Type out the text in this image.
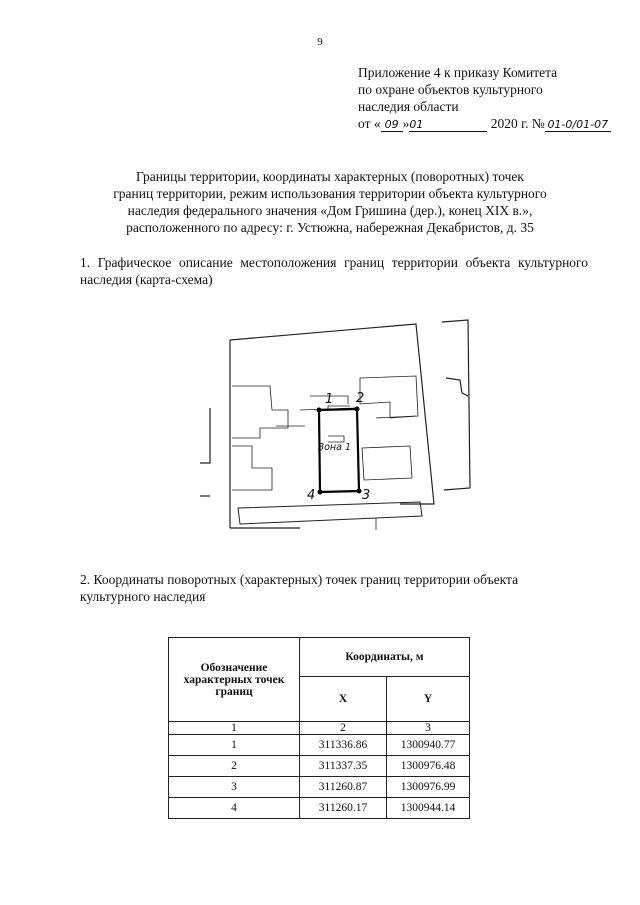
9
Приложение 4 к приказу Комитета
по охране объектов культурного
наследия области
от « 09 »01	2020 г. № 01-0/01-07
Границы территории, координаты характерных (поворотных) точек
границ территории, режим использования территории объекта культурного
наследия федерального значения «Дом Гришина (дер.), конец XIX в.»,
расположенного по адресу: г. Устюжна, набережная Декабристов, д. 35
1. Графическое описание местоположения границ территории объекта культурного наследия (карта-схема)
Зона 1
1 2
3
4
2. Координаты поворотных (характерных) точек границ территории объекта культурного наследия
Обозначение характерных точек границ	Координаты, м	
	X	Y
1	2	3
1	311336.86	1300940.77
2	311337.35	1300976.48
3	311260.87	1300976.99
4	311260.17	1300944.14
